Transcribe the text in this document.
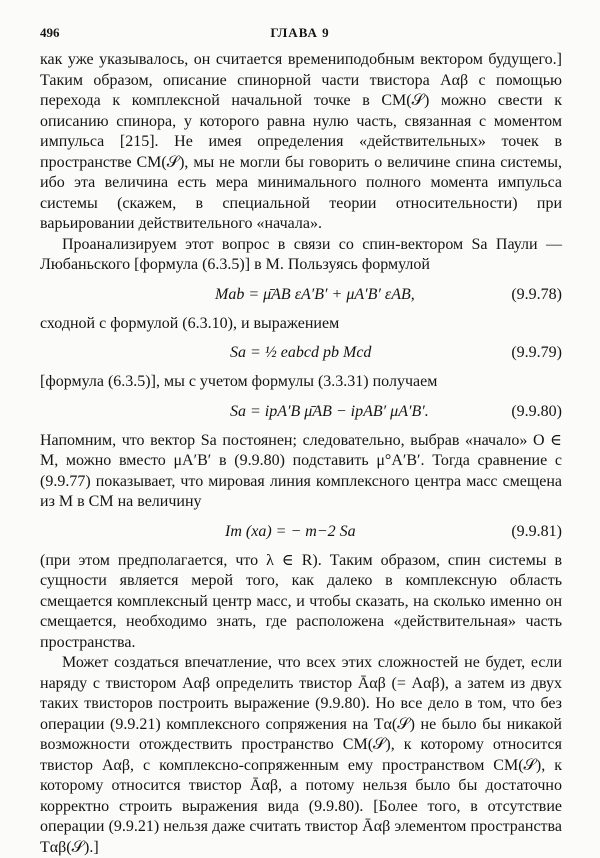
496	ГЛАВА 9

как уже указывалось, он считается времениподобным вектором будущего.] Таким образом, описание спинорной части твистора Aαβ с помощью перехода к комплексной начальной точке в CM(𝒮) можно свести к описанию спинора, у которого равна нулю часть, связанная с моментом импульса [215]. Не имея определения «действительных» точек в пространстве CM(𝒮), мы не могли бы говорить о величине спина системы, ибо эта величина есть мера минимального полного момента импульса системы (скажем, в специальной теории относительности) при варьировании действительного «начала».

Проанализируем этот вопрос в связи со спин-вектором Sa Паули — Любаньского [формула (6.3.5)] в M. Пользуясь формулой

Mab = μ̄AB εA′B′ + μA′B′ εAB,	(9.9.78)

сходной с формулой (6.3.10), и выражением

Sa = ½ eabcd pb Mcd	(9.9.79)

[формула (6.3.5)], мы с учетом формулы (3.3.31) получаем

Sa = ipA′B μ̄AB − ipAB′ μA′B′.	(9.9.80)

Напомним, что вектор Sa постоянен; следовательно, выбрав «начало» O ∈ M, можно вместо μA′B′ в (9.9.80) подставить μ°A′B′. Тогда сравнение с (9.9.77) показывает, что мировая линия комплексного центра масс смещена из M в CM на величину

Im (xa) = − m−2 Sa	(9.9.81)

(при этом предполагается, что λ ∈ R). Таким образом, спин системы в сущности является мерой того, как далеко в комплексную область смещается комплексный центр масс, и чтобы сказать, на сколько именно он смещается, необходимо знать, где расположена «действительная» часть пространства.

Может создаться впечатление, что всех этих сложностей не будет, если наряду с твистором Aαβ определить твистор Āαβ (= Aαβ), а затем из двух таких твисторов построить выражение (9.9.80). Но все дело в том, что без операции (9.9.21) комплексного сопряжения на Tα(𝒮) не было бы никакой возможности отождествить пространство CM(𝒮), к которому относится твистор Aαβ, с комплексно-сопряженным ему пространством CM(𝒮), к которому относится твистор Āαβ, а потому нельзя было бы достаточно корректно строить выражения вида (9.9.80). [Более того, в отсутствие операции (9.9.21) нельзя даже считать твистор Āαβ элементом пространства Tαβ(𝒮).]
